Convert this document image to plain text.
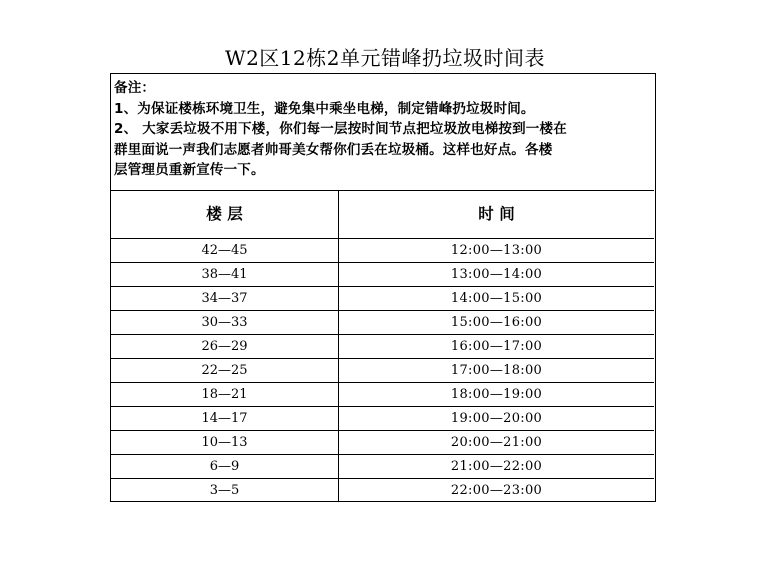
W2区12栋2单元错峰扔垃圾时间表
备注：
1、为保证楼栋环境卫生，避免集中乘坐电梯，制定错峰扔垃圾时间。
2、 大家丢垃圾不用下楼，你们每一层按时间节点把垃圾放电梯按到一楼在
群里面说一声我们志愿者帅哥美女帮你们丢在垃圾桶。这样也好点。各楼
层管理员重新宣传一下。
楼 层	时 间
42—45	12:00—13:00
38—41	13:00—14:00
34—37	14:00—15:00
30—33	15:00—16:00
26—29	16:00—17:00
22—25	17:00—18:00
18—21	18:00—19:00
14—17	19:00—20:00
10—13	20:00—21:00
6—9	21:00—22:00
3—5	22:00—23:00
